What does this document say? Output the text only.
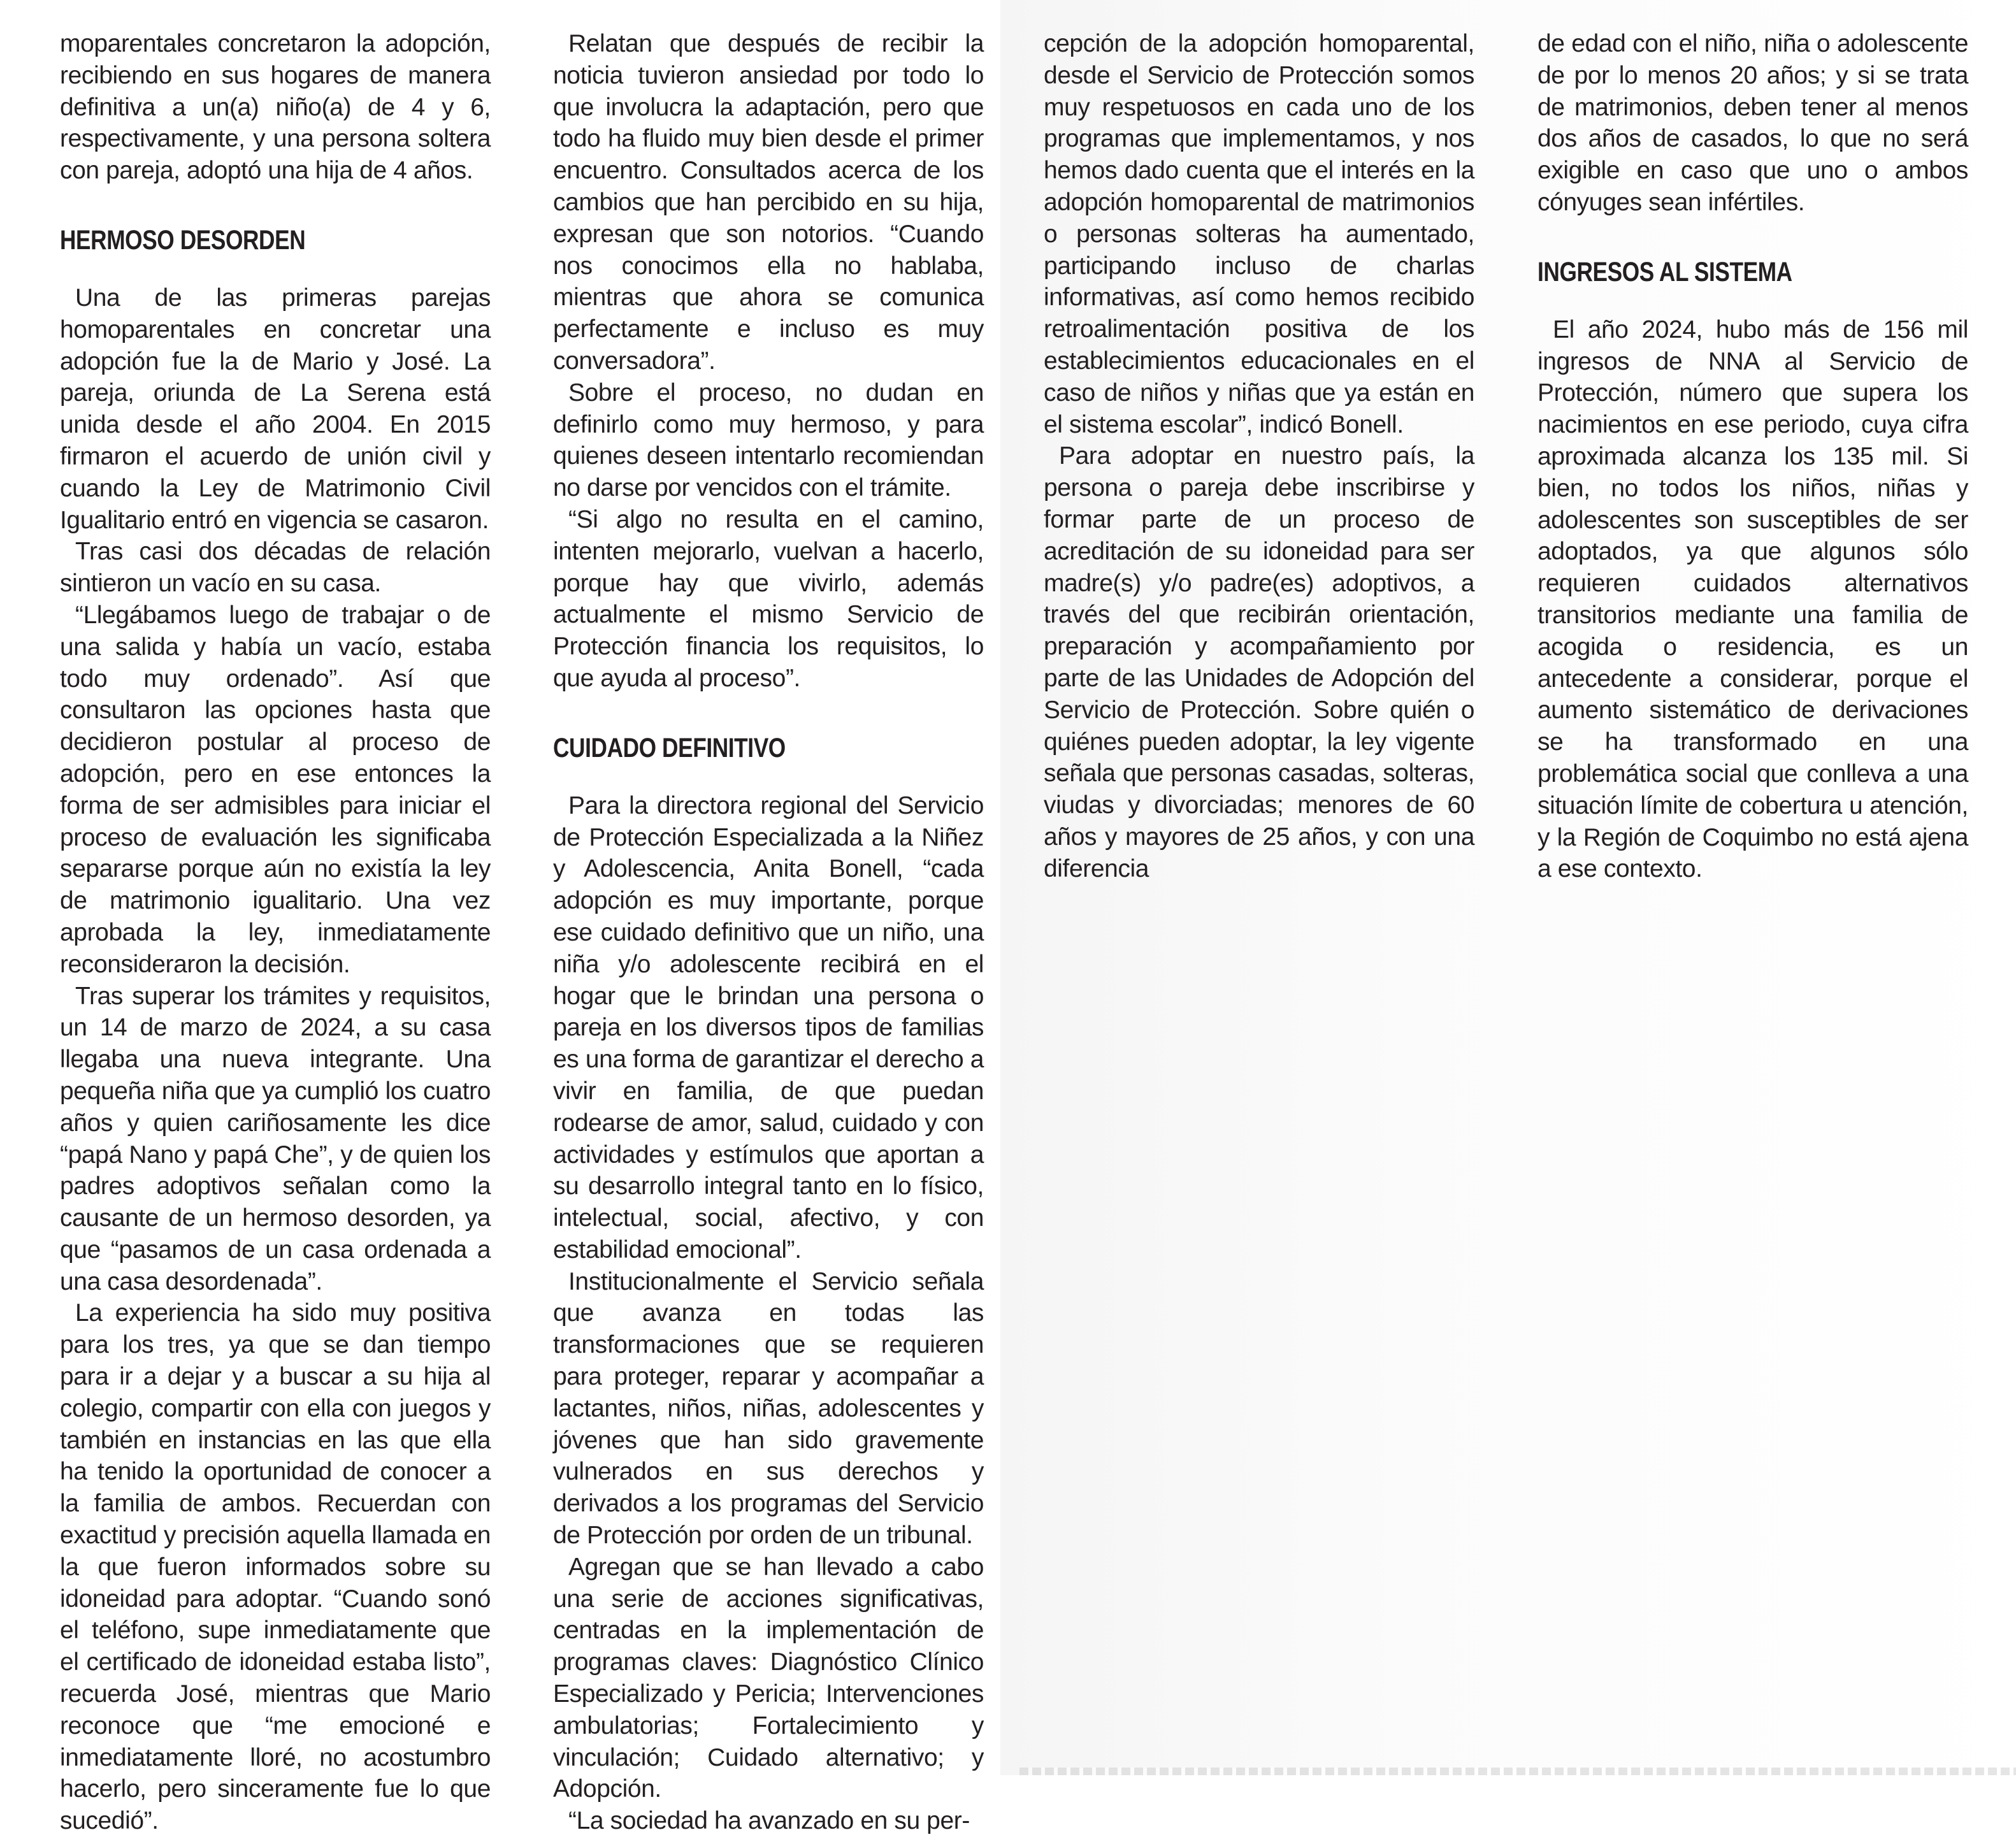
moparentales concretaron la adopción, recibiendo en sus hogares de manera definitiva a un(a) niño(a) de 4 y 6, respectivamente, y una persona soltera con pareja, adoptó una hija de 4 años.

HERMOSO DESORDEN

Una de las primeras parejas homoparentales en concretar una adopción fue la de Mario y José. La pareja, oriunda de La Serena está unida desde el año 2004. En 2015 firmaron el acuerdo de unión civil y cuando la Ley de Matrimonio Civil Igualitario entró en vigencia se casaron.

Tras casi dos décadas de relación sintieron un vacío en su casa.

“Llegábamos luego de trabajar o de una salida y había un vacío, estaba todo muy ordenado”. Así que consultaron las opciones hasta que decidieron postular al proceso de adopción, pero en ese entonces la forma de ser admisibles para iniciar el proceso de evaluación les significaba separarse porque aún no existía la ley de matrimonio igualitario. Una vez aprobada la ley, inmediatamente reconsideraron la decisión.

Tras superar los trámites y requisitos, un 14 de marzo de 2024, a su casa llegaba una nueva integrante. Una pequeña niña que ya cumplió los cuatro años y quien cariñosamente les dice “papá Nano y papá Che”, y de quien los padres adoptivos señalan como la causante de un hermoso desorden, ya que “pasamos de un casa ordenada a una casa desordenada”.

La experiencia ha sido muy positiva para los tres, ya que se dan tiempo para ir a dejar y a buscar a su hija al colegio, compartir con ella con juegos y también en instancias en las que ella ha tenido la oportunidad de conocer a la familia de ambos. Recuerdan con exactitud y precisión aquella llamada en la que fueron informados sobre su idoneidad para adoptar. “Cuando sonó el teléfono, supe inmediatamente que el certificado de idoneidad estaba listo”, recuerda José, mientras que Mario reconoce que “me emocioné e inmediatamente lloré, no acostumbro hacerlo, pero sinceramente fue lo que sucedió”.

Relatan que después de recibir la noticia tuvieron ansiedad por todo lo que involucra la adaptación, pero que todo ha fluido muy bien desde el primer encuentro. Consultados acerca de los cambios que han percibido en su hija, expresan que son notorios. “Cuando nos conocimos ella no hablaba, mientras que ahora se comunica perfectamente e incluso es muy conversadora”.

Sobre el proceso, no dudan en definirlo como muy hermoso, y para quienes deseen intentarlo recomiendan no darse por vencidos con el trámite.

“Si algo no resulta en el camino, intenten mejorarlo, vuelvan a hacerlo, porque hay que vivirlo, además actualmente el mismo Servicio de Protección financia los requisitos, lo que ayuda al proceso”.

CUIDADO DEFINITIVO

Para la directora regional del Servicio de Protección Especializada a la Niñez y Adolescencia, Anita Bonell, “cada adopción es muy importante, porque ese cuidado definitivo que un niño, una niña y/o adolescente recibirá en el hogar que le brindan una persona o pareja en los diversos tipos de familias es una forma de garantizar el derecho a vivir en familia, de que puedan rodearse de amor, salud, cuidado y con actividades y estímulos que aportan a su desarrollo integral tanto en lo físico, intelectual, social, afectivo, y con estabilidad emocional”.

Institucionalmente el Servicio señala que avanza en todas las transformaciones que se requieren para proteger, reparar y acompañar a lactantes, niños, niñas, adolescentes y jóvenes que han sido gravemente vulnerados en sus derechos y derivados a los programas del Servicio de Protección por orden de un tribunal.

Agregan que se han llevado a cabo una serie de acciones significativas, centradas en la implementación de programas claves: Diagnóstico Clínico Especializado y Pericia; Intervenciones ambulatorias; Fortalecimiento y vinculación; Cuidado alternativo; y Adopción.

“La sociedad ha avanzado en su per-

cepción de la adopción homoparental, desde el Servicio de Protección somos muy respetuosos en cada uno de los programas que implementamos, y nos hemos dado cuenta que el interés en la adopción homoparental de matrimonios o personas solteras ha aumentado, participando incluso de charlas informativas, así como hemos recibido retroalimentación positiva de los establecimientos educacionales en el caso de niños y niñas que ya están en el sistema escolar”, indicó Bonell.

Para adoptar en nuestro país, la persona o pareja debe inscribirse y formar parte de un proceso de acreditación de su idoneidad para ser madre(s) y/o padre(es) adoptivos, a través del que recibirán orientación, preparación y acompañamiento por parte de las Unidades de Adopción del Servicio de Protección. Sobre quién o quiénes pueden adoptar, la ley vigente señala que personas casadas, solteras, viudas y divorciadas; menores de 60 años y mayores de 25 años, y con una diferencia

de edad con el niño, niña o adolescente de por lo menos 20 años; y si se trata de matrimonios, deben tener al menos dos años de casados, lo que no será exigible en caso que uno o ambos cónyuges sean infértiles.

INGRESOS AL SISTEMA

El año 2024, hubo más de 156 mil ingresos de NNA al Servicio de Protección, número que supera los nacimientos en ese periodo, cuya cifra aproximada alcanza los 135 mil. Si bien, no todos los niños, niñas y adolescentes son susceptibles de ser adoptados, ya que algunos sólo requieren cuidados alternativos transitorios mediante una familia de acogida o residencia, es un antecedente a considerar, porque el aumento sistemático de derivaciones se ha transformado en una problemática social que conlleva a una situación límite de cobertura u atención, y la Región de Coquimbo no está ajena a ese contexto.
